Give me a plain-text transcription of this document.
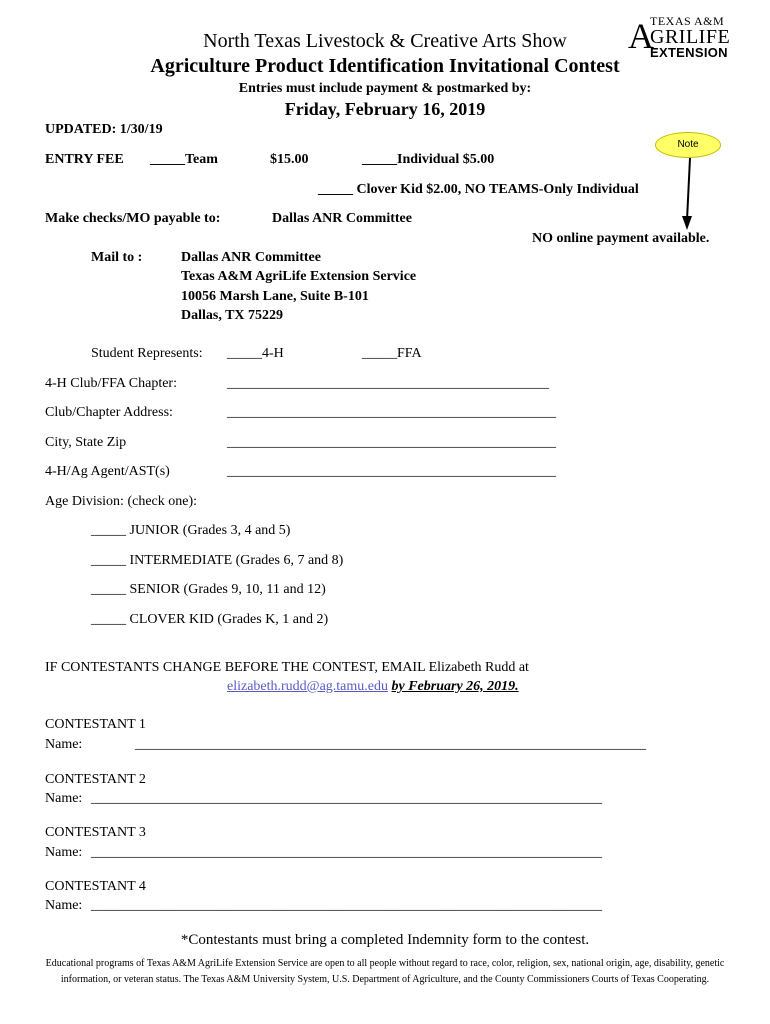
TEXAS A&M
A
GRILIFE
EXTENSION
North Texas Livestock & Creative Arts Show
Agriculture Product Identification Invitational Contest
Entries must include payment & postmarked by:
Friday, February 16, 2019
UPDATED: 1/30/19
Note
ENTRY FEE _____Team	$15.00	_____Individual $5.00
_____ Clover Kid $2.00, NO TEAMS-Only Individual
Make checks/MO payable to:	Dallas ANR Committee
NO online payment available.
Mail to :	Dallas ANR Committee
Texas A&M AgriLife Extension Service
10056 Marsh Lane, Suite B-101
Dallas, TX 75229
Student Represents: _____4-H	_____FFA
4-H Club/FFA Chapter:	______________________________________________
Club/Chapter Address:	_______________________________________________
City, State Zip	_______________________________________________
4-H/Ag Agent/AST(s)	_______________________________________________
Age Division: (check one):
_____ JUNIOR (Grades 3, 4 and 5)
_____ INTERMEDIATE (Grades 6, 7 and 8)
_____ SENIOR (Grades 9, 10, 11 and 12)
_____ CLOVER KID (Grades K, 1 and 2)
IF CONTESTANTS CHANGE BEFORE THE CONTEST, EMAIL Elizabeth Rudd at
elizabeth.rudd@ag.tamu.edu by February 26, 2019.
CONTESTANT 1
Name:	_________________________________________________________________________
CONTESTANT 2
Name: _________________________________________________________________________
CONTESTANT 3
Name: _________________________________________________________________________
CONTESTANT 4
Name: _________________________________________________________________________
*Contestants must bring a completed Indemnity form to the contest.
Educational programs of Texas A&M AgriLife Extension Service are open to all people without regard to race, color, religion, sex, national origin, age, disability, genetic information, or veteran status. The Texas A&M University System, U.S. Department of Agriculture, and the County Commissioners Courts of Texas Cooperating.
